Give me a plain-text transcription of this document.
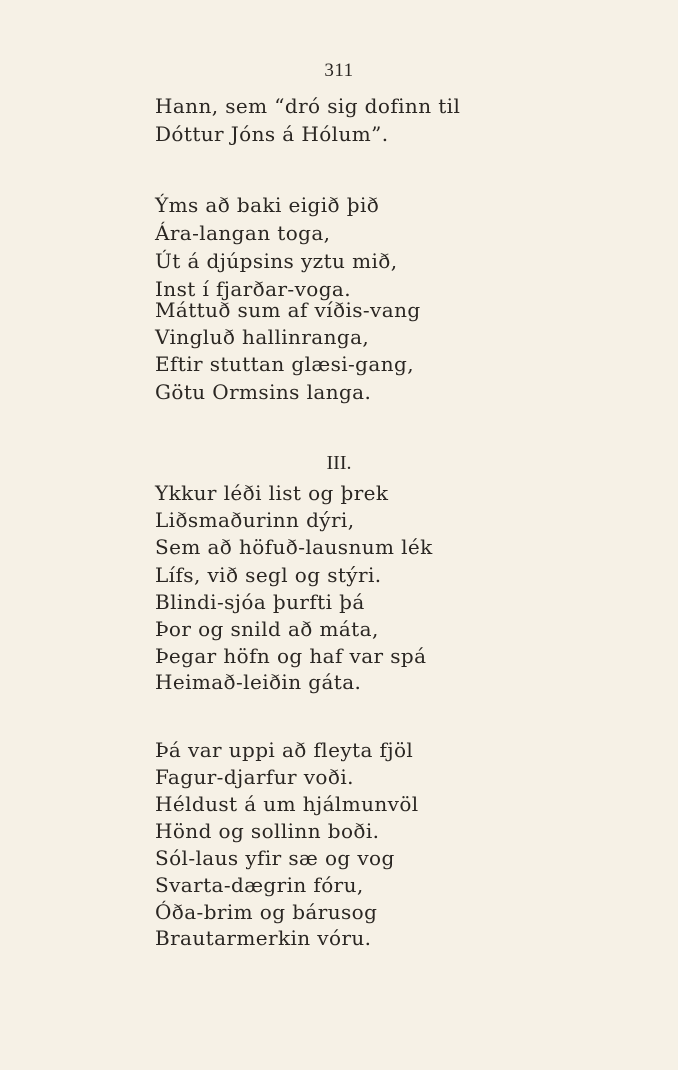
311
Hann, sem “dró sig dofinn til
Dóttur Jóns á Hólum”.
Ýms að baki eigið þið
Ára-langan toga,
Út á djúpsins yztu mið,
Inst í fjarðar-voga.
Máttuð sum af víðis-vang
Vingluð hallinranga,
Eftir stuttan glæsi-gang,
Götu Ormsins langa.
III.
Ykkur léði list og þrek
Liðsmaðurinn dýri,
Sem að höfuð-lausnum lék
Lífs, við segl og stýri.
Blindi-sjóa þurfti þá
Þor og snild að máta,
Þegar höfn og haf var spá
Heimað-leiðin gáta.
Þá var uppi að fleyta fjöl
Fagur-djarfur voði.
Héldust á um hjálmunvöl
Hönd og sollinn boði.
Sól-laus yfir sæ og vog
Svarta-dægrin fóru,
Óða-brim og bárusog
Brautarmerkin vóru.
